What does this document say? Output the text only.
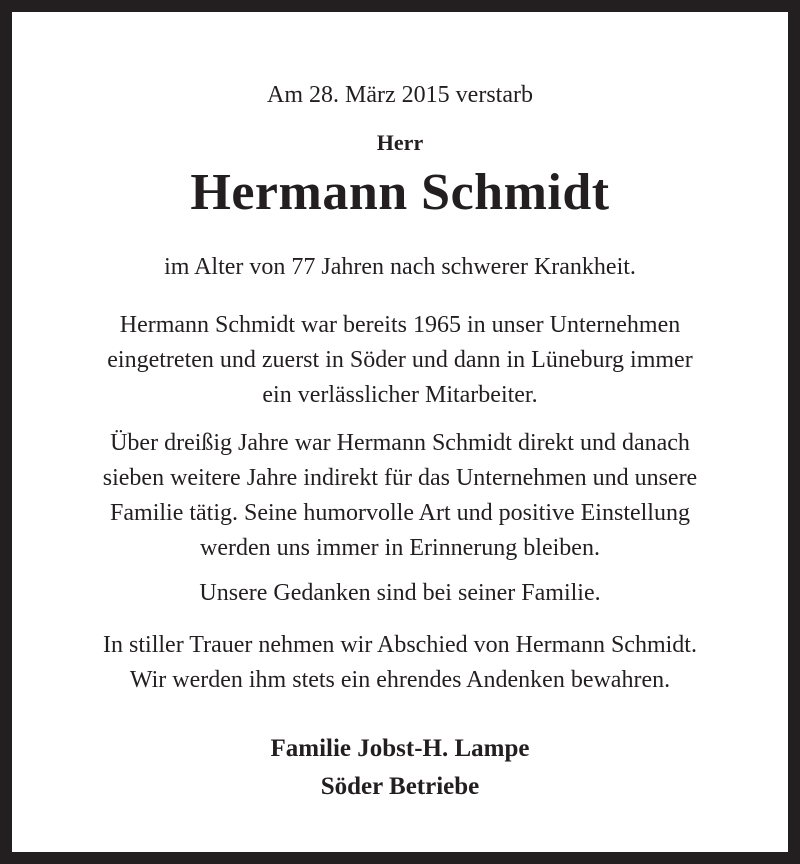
Am 28. März 2015 verstarb

Herr

Hermann Schmidt

im Alter von 77 Jahren nach schwerer Krankheit.

Hermann Schmidt war bereits 1965 in unser Unternehmen
eingetreten und zuerst in Söder und dann in Lüneburg immer
ein verlässlicher Mitarbeiter.
Über dreißig Jahre war Hermann Schmidt direkt und danach
sieben weitere Jahre indirekt für das Unternehmen und unsere
Familie tätig. Seine humorvolle Art und positive Einstellung
werden uns immer in Erinnerung bleiben.
Unsere Gedanken sind bei seiner Familie.
In stiller Trauer nehmen wir Abschied von Hermann Schmidt.
Wir werden ihm stets ein ehrendes Andenken bewahren.
Familie Jobst-H. Lampe
Söder Betriebe
